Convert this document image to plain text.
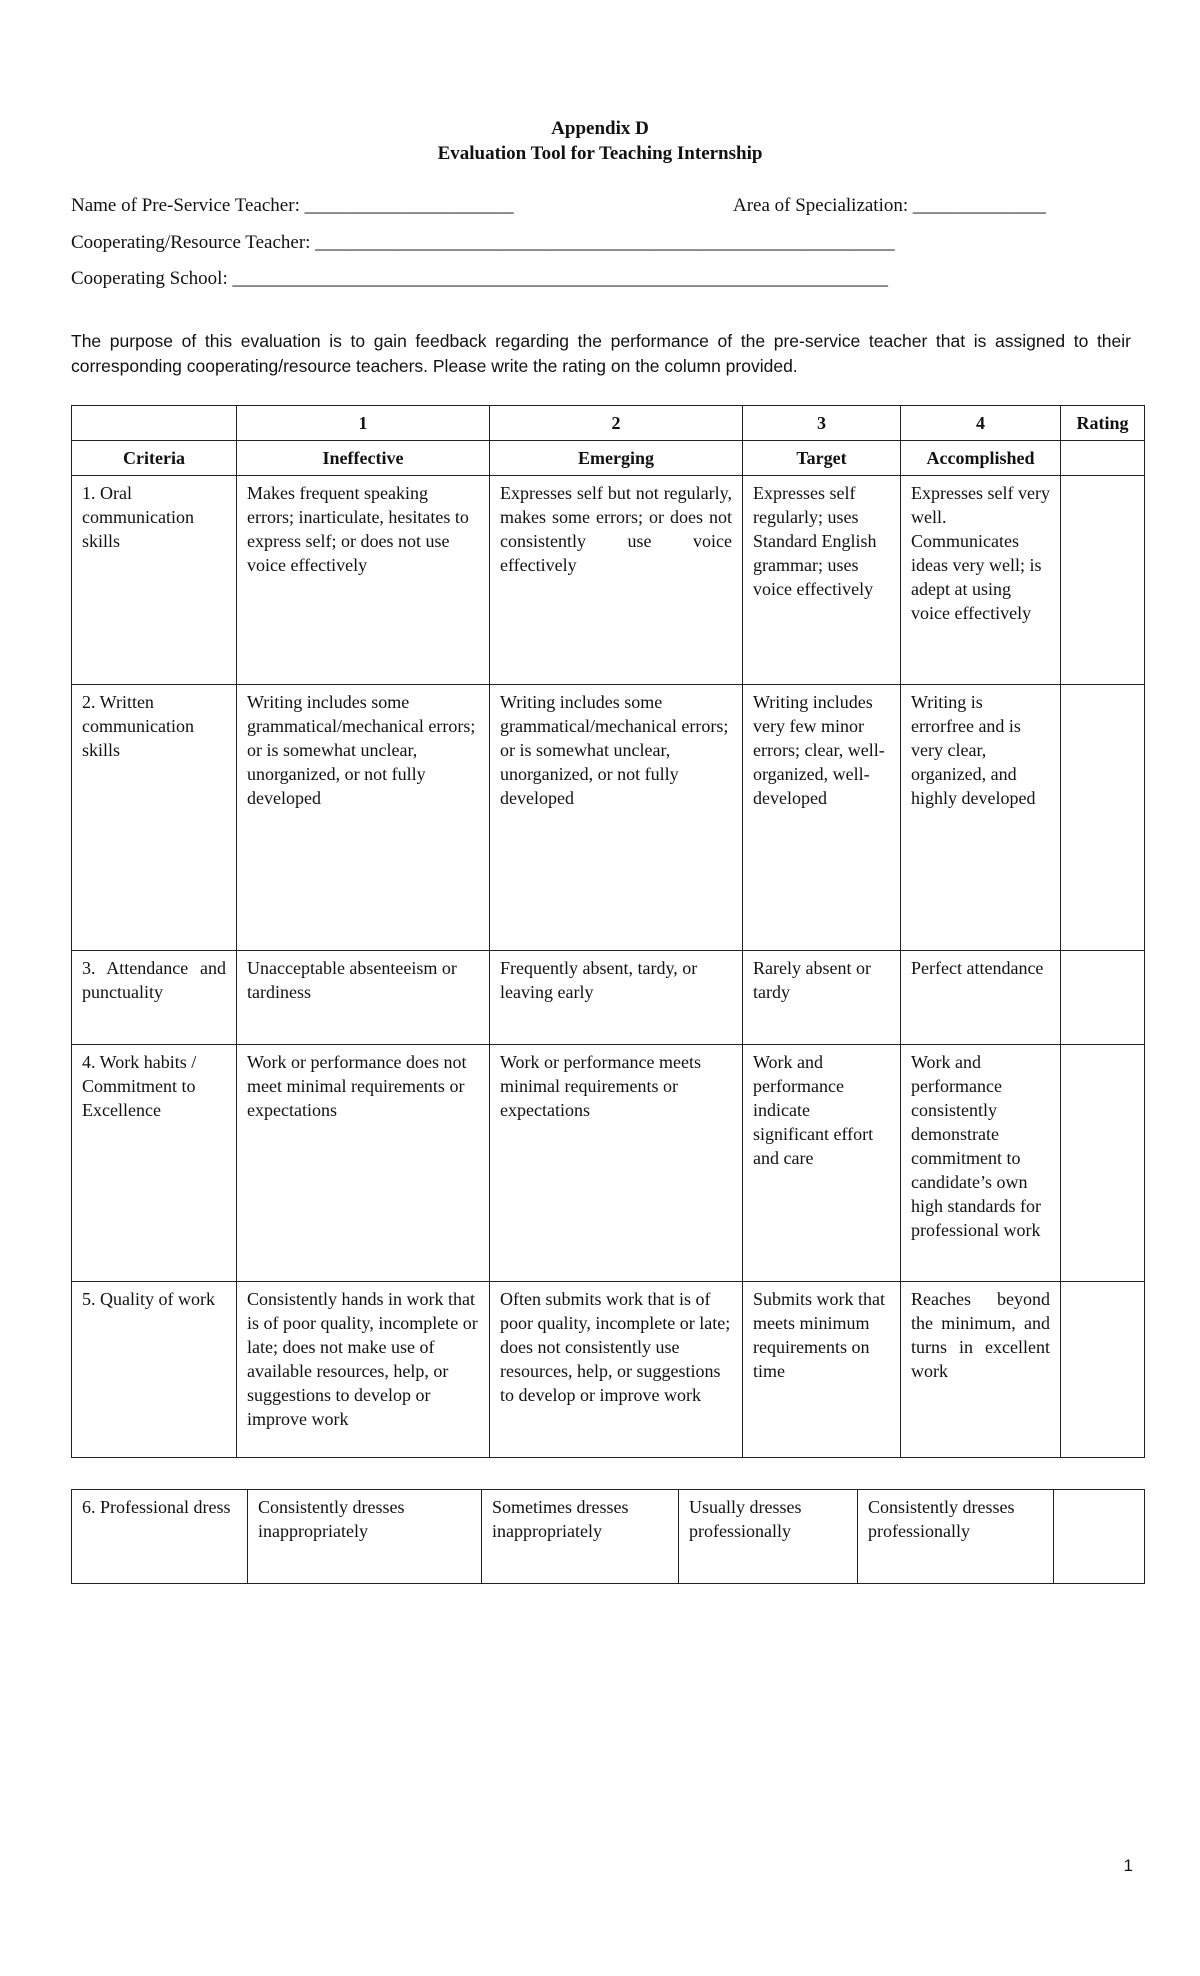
Appendix D
Evaluation Tool for Teaching Internship
Name of Pre-Service Teacher: ______________________	Area of Specialization: ______________
Cooperating/Resource Teacher: _____________________________________________________________
Cooperating School: _____________________________________________________________________
The purpose of this evaluation is to gain feedback regarding the performance of the pre-service teacher that is assigned to their corresponding cooperating/resource teachers. Please write the rating on the column provided.
	1	2	3	4	Rating
Criteria	Ineffective	Emerging	Target	Accomplished	
1. Oral communication skills	Makes frequent speaking errors; inarticulate, hesitates to express self; or does not use voice effectively	Expresses self but not regularly, makes some errors; or does not consistently use voice effectively	Expresses self regularly; uses Standard English grammar; uses voice effectively	Expresses self very well. Communicates ideas very well; is adept at using voice effectively	
2. Written communication skills	Writing includes some grammatical/mechanical errors; or is somewhat unclear, unorganized, or not fully developed	Writing includes some grammatical/mechanical errors; or is somewhat unclear, unorganized, or not fully developed	Writing includes very few minor errors; clear, well-organized, well-developed	Writing is errorfree and is very clear, organized, and highly developed	
3. Attendance and punctuality	Unacceptable absenteeism or tardiness	Frequently absent, tardy, or leaving early	Rarely absent or tardy	Perfect attendance	
4. Work habits / Commitment to Excellence	Work or performance does not meet minimal requirements or expectations	Work or performance meets minimal requirements or expectations	Work and performance indicate significant effort and care	Work and performance consistently demonstrate commitment to candidate’s own high standards for professional work	
5. Quality of work	Consistently hands in work that is of poor quality, incomplete or late; does not make use of available resources, help, or suggestions to develop or improve work	Often submits work that is of poor quality, incomplete or late; does not consistently use resources, help, or suggestions to develop or improve work	Submits work that meets minimum requirements on time	Reaches beyond the minimum, and turns in excellent work	
6. Professional dress	Consistently dresses inappropriately	Sometimes dresses inappropriately	Usually dresses professionally	Consistently dresses professionally	
1
